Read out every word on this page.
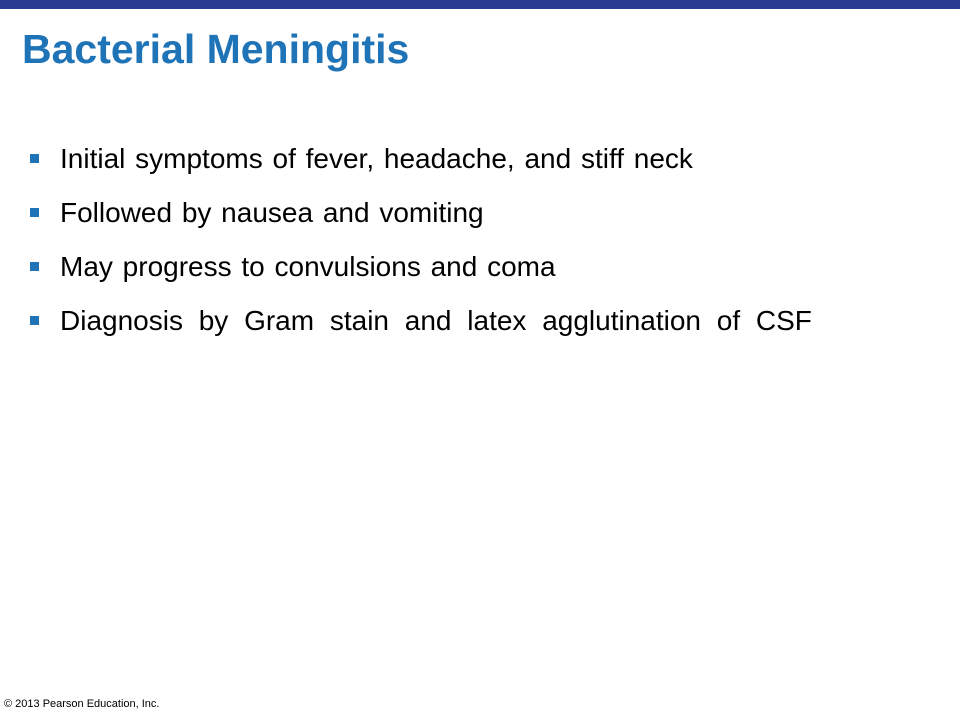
Bacterial Meningitis
Initial symptoms of fever, headache, and stiff neck
Followed by nausea and vomiting
May progress to convulsions and coma
Diagnosis by Gram stain and latex agglutination of CSF
© 2013 Pearson Education, Inc.
